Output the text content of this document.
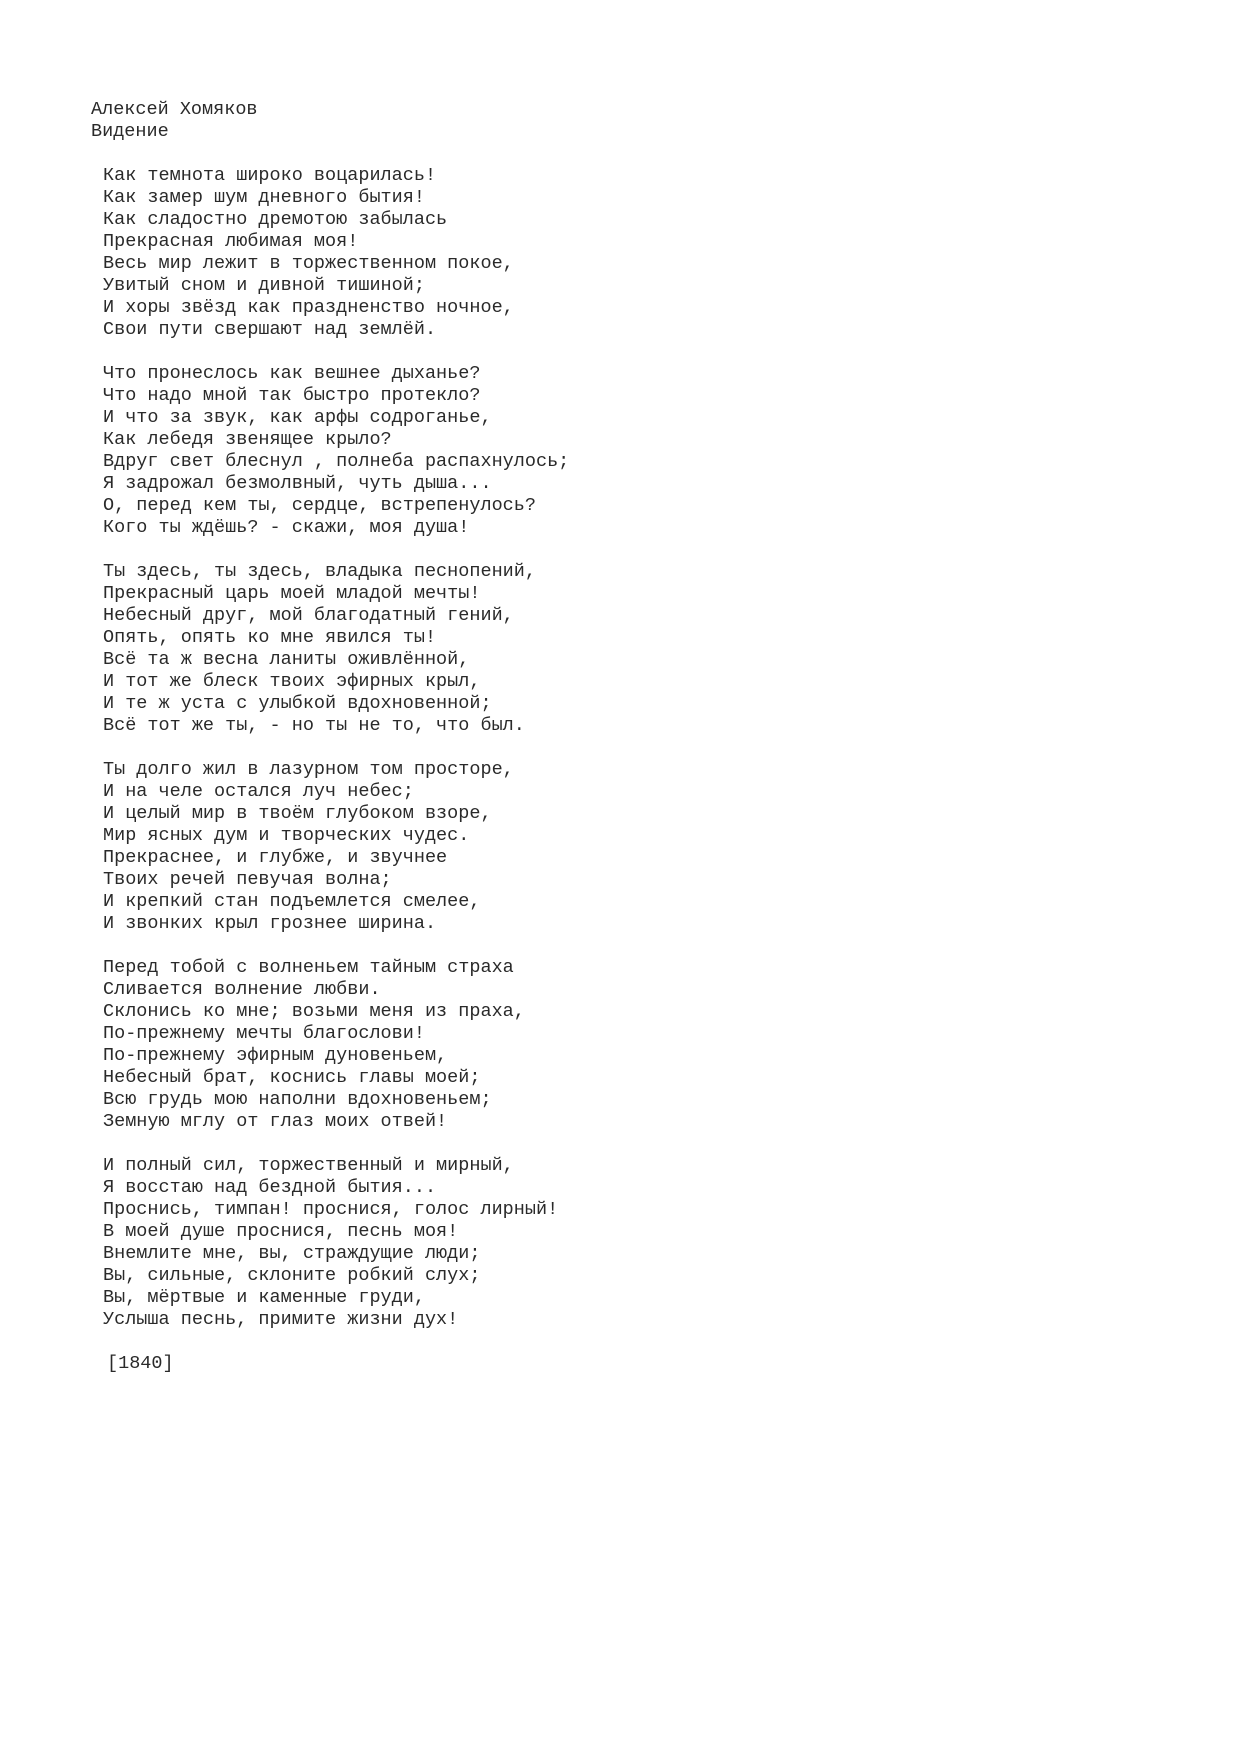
Алексей Хомяков
Видение
Как темнота широко воцарилась!
Как замер шум дневного бытия!
Как сладостно дремотою забылась
Прекрасная любимая моя!
Весь мир лежит в торжественном покое,
Увитый сном и дивной тишиной;
И хоры звёзд как праздненство ночное,
Свои пути свершают над землёй.
Что пронеслось как вешнее дыханье?
Что надо мной так быстро протекло?
И что за звук, как арфы содроганье,
Как лебедя звенящее крыло?
Вдруг свет блеснул , полнеба распахнулось;
Я задрожал безмолвный, чуть дыша...
О, перед кем ты, сердце, встрепенулось?
Кого ты ждёшь? - скажи, моя душа!
Ты здесь, ты здесь, владыка песнопений,
Прекрасный царь моей младой мечты!
Небесный друг, мой благодатный гений,
Опять, опять ко мне явился ты!
Всё та ж весна ланиты оживлённой,
И тот же блеск твоих эфирных крыл,
И те ж уста с улыбкой вдохновенной;
Всё тот же ты, - но ты не то, что был.
Ты долго жил в лазурном том просторе,
И на челе остался луч небес;
И целый мир в твоём глубоком взоре,
Мир ясных дум и творческих чудес.
Прекраснее, и глубже, и звучнее
Твоих речей певучая волна;
И крепкий стан подъемлется смелее,
И звонких крыл грознее ширина.
Перед тобой с волненьем тайным страха
Сливается волнение любви.
Склонись ко мне; возьми меня из праха,
По-прежнему мечты благослови!
По-прежнему эфирным дуновеньем,
Небесный брат, коснись главы моей;
Всю грудь мою наполни вдохновеньем;
Земную мглу от глаз моих отвей!
И полный сил, торжественный и мирный,
Я восстаю над бездной бытия...
Проснись, тимпан! проснися, голос лирный!
В моей душе проснися, песнь моя!
Внемлите мне, вы, страждущие люди;
Вы, сильные, склоните робкий слух;
Вы, мёртвые и каменные груди,
Услыша песнь, примите жизни дух!
[1840]
